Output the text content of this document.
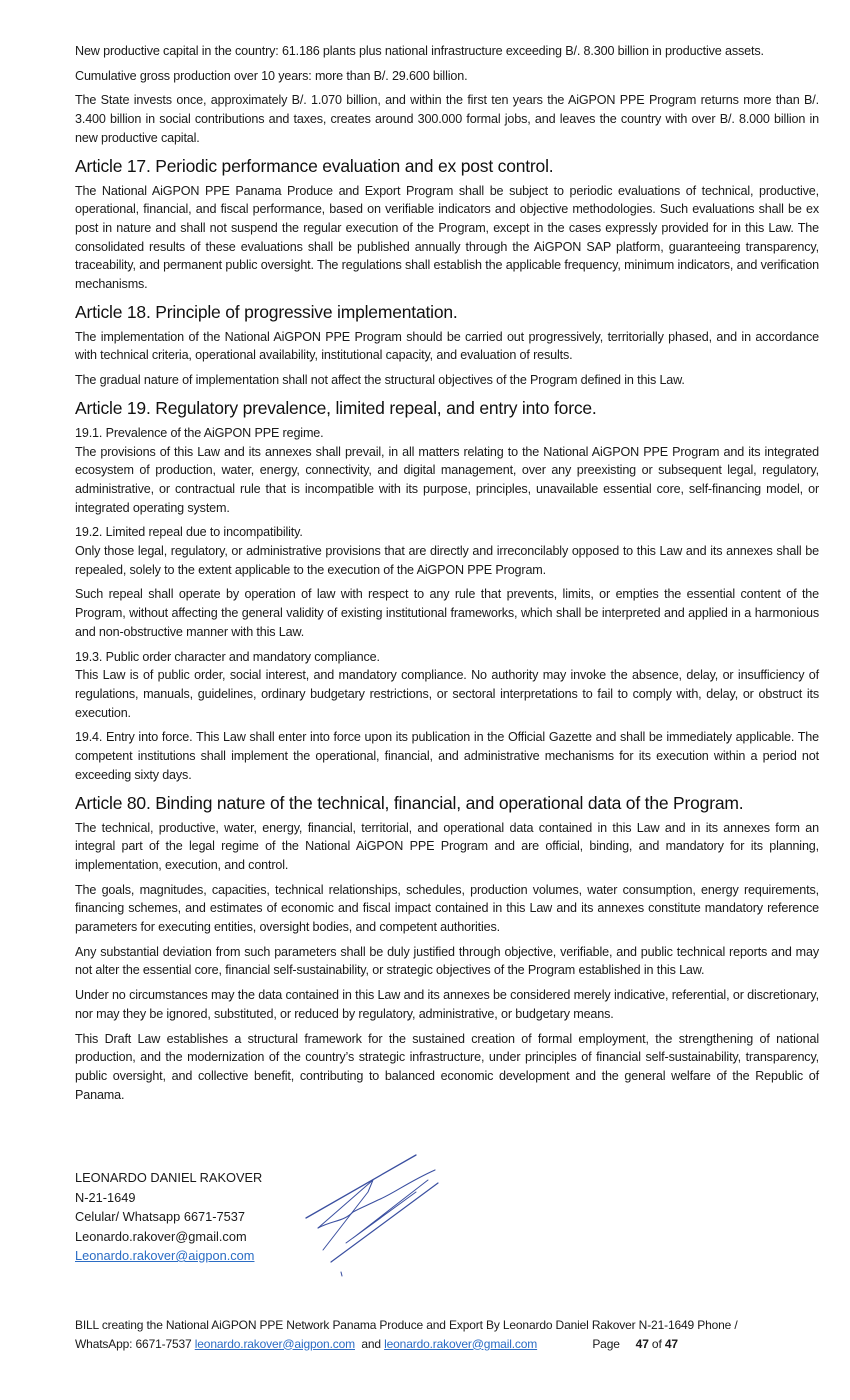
New productive capital in the country: 61.186 plants plus national infrastructure exceeding B/. 8.300 billion in productive assets.

Cumulative gross production over 10 years: more than B/. 29.600 billion.

The State invests once, approximately B/. 1.070 billion, and within the first ten years the AiGPON PPE Program returns more than B/. 3.400 billion in social contributions and taxes, creates around 300.000 formal jobs, and leaves the country with over B/. 8.000 billion in new productive capital.

Article 17. Periodic performance evaluation and ex post control.

The National AiGPON PPE Panama Produce and Export Program shall be subject to periodic evaluations of technical, productive, operational, financial, and fiscal performance, based on verifiable indicators and objective methodologies. Such evaluations shall be ex post in nature and shall not suspend the regular execution of the Program, except in the cases expressly provided for in this Law. The consolidated results of these evaluations shall be published annually through the AiGPON SAP platform, guaranteeing transparency, traceability, and permanent public oversight. The regulations shall establish the applicable frequency, minimum indicators, and verification mechanisms.

Article 18. Principle of progressive implementation.

The implementation of the National AiGPON PPE Program should be carried out progressively, territorially phased, and in accordance with technical criteria, operational availability, institutional capacity, and evaluation of results.

The gradual nature of implementation shall not affect the structural objectives of the Program defined in this Law.

Article 19. Regulatory prevalence, limited repeal, and entry into force.

19.1. Prevalence of the AiGPON PPE regime.

The provisions of this Law and its annexes shall prevail, in all matters relating to the National AiGPON PPE Program and its integrated ecosystem of production, water, energy, connectivity, and digital management, over any preexisting or subsequent legal, regulatory, administrative, or contractual rule that is incompatible with its purpose, principles, unavailable essential core, self-financing model, or integrated operating system.

19.2. Limited repeal due to incompatibility.

Only those legal, regulatory, or administrative provisions that are directly and irreconcilably opposed to this Law and its annexes shall be repealed, solely to the extent applicable to the execution of the AiGPON PPE Program.

Such repeal shall operate by operation of law with respect to any rule that prevents, limits, or empties the essential content of the Program, without affecting the general validity of existing institutional frameworks, which shall be interpreted and applied in a harmonious and non-obstructive manner with this Law.

19.3. Public order character and mandatory compliance.

This Law is of public order, social interest, and mandatory compliance. No authority may invoke the absence, delay, or insufficiency of regulations, manuals, guidelines, ordinary budgetary restrictions, or sectoral interpretations to fail to comply with, delay, or obstruct its execution.

19.4. Entry into force. This Law shall enter into force upon its publication in the Official Gazette and shall be immediately applicable. The competent institutions shall implement the operational, financial, and administrative mechanisms for its execution within a period not exceeding sixty days.

Article 80. Binding nature of the technical, financial, and operational data of the Program.

The technical, productive, water, energy, financial, territorial, and operational data contained in this Law and in its annexes form an integral part of the legal regime of the National AiGPON PPE Program and are official, binding, and mandatory for its planning, implementation, execution, and control.

The goals, magnitudes, capacities, technical relationships, schedules, production volumes, water consumption, energy requirements, financing schemes, and estimates of economic and fiscal impact contained in this Law and its annexes constitute mandatory reference parameters for executing entities, oversight bodies, and competent authorities.

Any substantial deviation from such parameters shall be duly justified through objective, verifiable, and public technical reports and may not alter the essential core, financial self-sustainability, or strategic objectives of the Program established in this Law.

Under no circumstances may the data contained in this Law and its annexes be considered merely indicative, referential, or discretionary, nor may they be ignored, substituted, or reduced by regulatory, administrative, or budgetary means.

This Draft Law establishes a structural framework for the sustained creation of formal employment, the strengthening of national production, and the modernization of the country’s strategic infrastructure, under principles of financial self-sustainability, transparency, public oversight, and collective benefit, contributing to balanced economic development and the general welfare of the Republic of Panama.

LEONARDO DANIEL RAKOVER
N-21-1649
Celular/ Whatsapp 6671-7537
Leonardo.rakover@gmail.com
Leonardo.rakover@aigpon.com
BILL creating the National AiGPON PPE Network Panama Produce and Export By Leonardo Daniel Rakover N-21-1649 Phone /
WhatsApp: 6671-7537 leonardo.rakover@aigpon.com  and leonardo.rakover@gmail.com	Page 47 of 47
